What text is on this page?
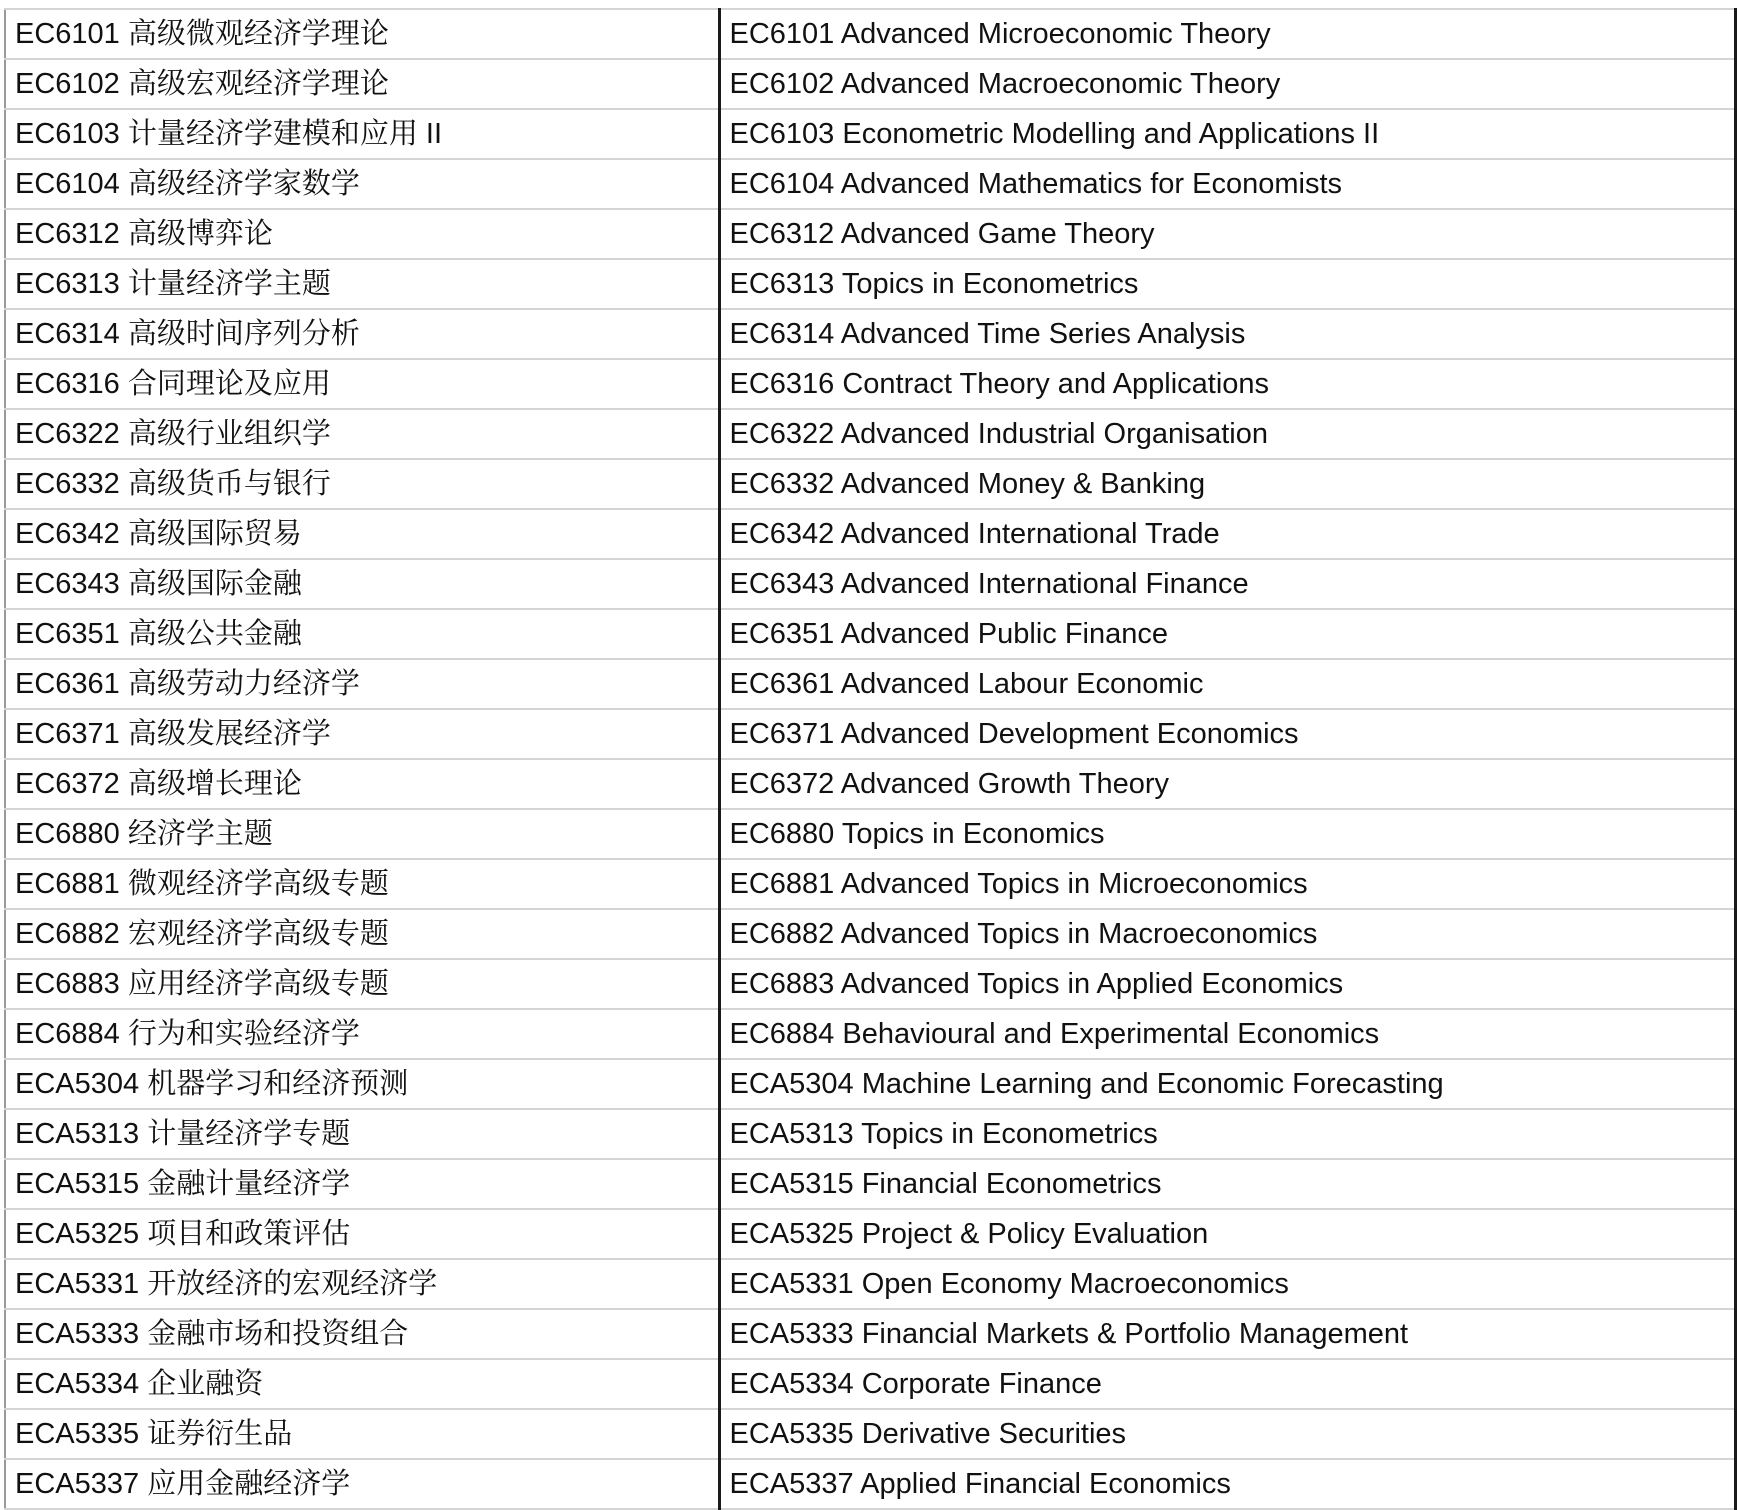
EC6101 高级微观经济学理论	EC6101 Advanced Microeconomic Theory
EC6102 高级宏观经济学理论	EC6102 Advanced Macroeconomic Theory
EC6103 计量经济学建模和应用 II	EC6103 Econometric Modelling and Applications II
EC6104 高级经济学家数学	EC6104 Advanced Mathematics for Economists
EC6312 高级博弈论	EC6312 Advanced Game Theory
EC6313 计量经济学主题	EC6313 Topics in Econometrics
EC6314 高级时间序列分析	EC6314 Advanced Time Series Analysis
EC6316 合同理论及应用	EC6316 Contract Theory and Applications
EC6322 高级行业组织学	EC6322 Advanced Industrial Organisation
EC6332 高级货币与银行	EC6332 Advanced Money & Banking
EC6342 高级国际贸易	EC6342 Advanced International Trade
EC6343 高级国际金融	EC6343 Advanced International Finance
EC6351 高级公共金融	EC6351 Advanced Public Finance
EC6361 高级劳动力经济学	EC6361 Advanced Labour Economic
EC6371 高级发展经济学	EC6371 Advanced Development Economics
EC6372 高级增长理论	EC6372 Advanced Growth Theory
EC6880 经济学主题	EC6880 Topics in Economics
EC6881 微观经济学高级专题	EC6881 Advanced Topics in Microeconomics
EC6882 宏观经济学高级专题	EC6882 Advanced Topics in Macroeconomics
EC6883 应用经济学高级专题	EC6883 Advanced Topics in Applied Economics
EC6884 行为和实验经济学	EC6884 Behavioural and Experimental Economics
ECA5304 机器学习和经济预测	ECA5304 Machine Learning and Economic Forecasting
ECA5313 计量经济学专题	ECA5313 Topics in Econometrics
ECA5315 金融计量经济学	ECA5315 Financial Econometrics
ECA5325 项目和政策评估	ECA5325 Project & Policy Evaluation
ECA5331 开放经济的宏观经济学	ECA5331 Open Economy Macroeconomics
ECA5333 金融市场和投资组合	ECA5333 Financial Markets & Portfolio Management
ECA5334 企业融资	ECA5334 Corporate Finance
ECA5335 证券衍生品	ECA5335 Derivative Securities
ECA5337 应用金融经济学	ECA5337 Applied Financial Economics
